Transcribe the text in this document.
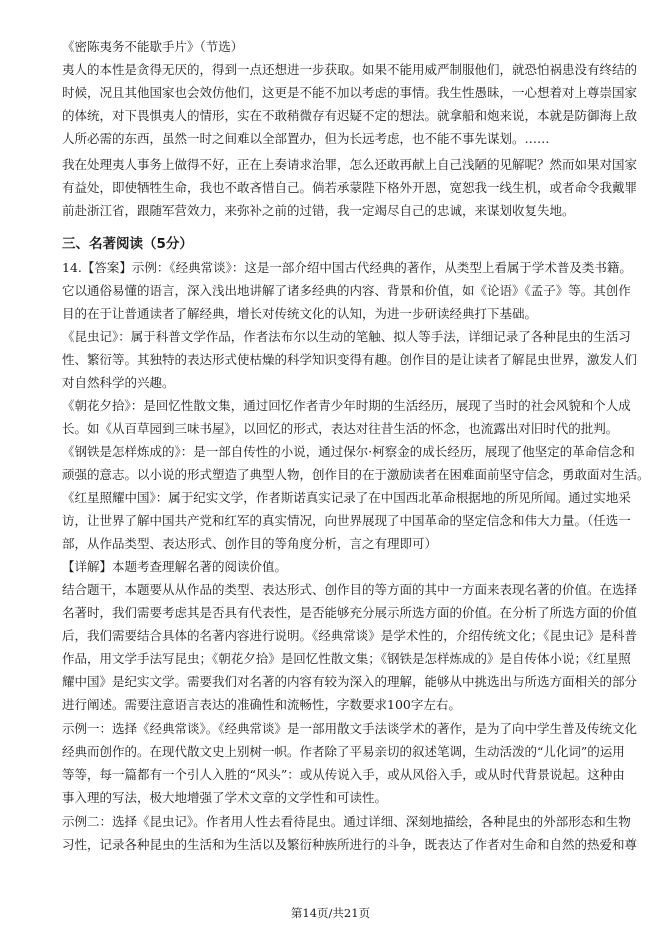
《密陈夷务不能歇手片》（节选）
夷人的本性是贪得无厌的，得到一点还想进一步获取。如果不能用威严制服他们，就恐怕祸患没有终结的
时候，况且其他国家也会效仿他们，这更是不能不加以考虑的事情。我生性愚昧，一心想着对上尊崇国家
的体统，对下畏惧夷人的情形，实在不敢稍微存有迟疑不定的想法。就拿船和炮来说，本就是防御海上敌
人所必需的东西，虽然一时之间难以全部置办，但为长远考虑，也不能不事先谋划。……
我在处理夷人事务上做得不好，正在上奏请求治罪，怎么还敢再献上自己浅陋的见解呢？然而如果对国家
有益处，即使牺牲生命，我也不敢吝惜自己。倘若承蒙陛下格外开恩，宽恕我一线生机，或者命令我戴罪
前赴浙江省，跟随军营效力，来弥补之前的过错，我一定竭尽自己的忠诚，来谋划收复失地。
14.【答案】示例：《经典常谈》：这是一部介绍中国古代经典的著作，从类型上看属于学术普及类书籍。
它以通俗易懂的语言，深入浅出地讲解了诸多经典的内容、背景和价值，如《论语》《孟子》等。其创作
目的在于让普通读者了解经典，增长对传统文化的认知，为进一步研读经典打下基础。
《昆虫记》：属于科普文学作品，作者法布尔以生动的笔触、拟人等手法，详细记录了各种昆虫的生活习
性、繁衍等。其独特的表达形式使枯燥的科学知识变得有趣。创作目的是让读者了解昆虫世界，激发人们
对自然科学的兴趣。
《朝花夕拾》：是回忆性散文集，通过回忆作者青少年时期的生活经历，展现了当时的社会风貌和个人成
长。如《从百草园到三味书屋》，以回忆的形式，表达对往昔生活的怀念，也流露出对旧时代的批判。
《钢铁是怎样炼成的》：是一部自传性的小说，通过保尔·柯察金的成长经历，展现了他坚定的革命信念和
顽强的意志。以小说的形式塑造了典型人物，创作目的在于激励读者在困难面前坚守信念，勇敢面对生活。
《红星照耀中国》：属于纪实文学，作者斯诺真实记录了在中国西北革命根据地的所见所闻。通过实地采
访，让世界了解中国共产党和红军的真实情况，向世界展现了中国革命的坚定信念和伟大力量。（任选一
部，从作品类型、表达形式、创作目的等角度分析，言之有理即可）
【详解】本题考查理解名著的阅读价值。
结合题干，本题要从从作品的类型、表达形式、创作目的等方面的其中一方面来表现名著的价值。在选择
名著时，我们需要考虑其是否具有代表性，是否能够充分展示所选方面的价值。在分析了所选方面的价值
后，我们需要结合具体的名著内容进行说明。《经典常谈》是学术性的，介绍传统文化；《昆虫记》是科普
作品，用文学手法写昆虫；《朝花夕拾》是回忆性散文集；《钢铁是怎样炼成的》是自传体小说；《红星照
耀中国》是纪实文学。需要我们对名著的内容有较为深入的理解，能够从中挑选出与所选方面相关的部分
进行阐述。需要注意语言表达的准确性和流畅性，字数要求100字左右。
示例一：选择《经典常谈》。《经典常谈》是一部用散文手法谈学术的著作，是为了向中学生普及传统文化
经典而创作的。在现代散文史上别树一帜。作者除了平易亲切的叙述笔调，生动活泼的“儿化词”的运用
等等，每一篇都有一个引人入胜的“风头”：或从传说入手，或从风俗入手，或从时代背景说起。这种由
事入理的写法，极大地增强了学术文章的文学性和可读性。
示例二：选择《昆虫记》。作者用人性去看待昆虫。通过详细、深刻地描绘，各种昆虫的外部形态和生物
习性，记录各种昆虫的生活和为生活以及繁衍种族所进行的斗争，既表达了作者对生命和自然的热爱和尊
三、名著阅读（5分）
第14页/共21页
